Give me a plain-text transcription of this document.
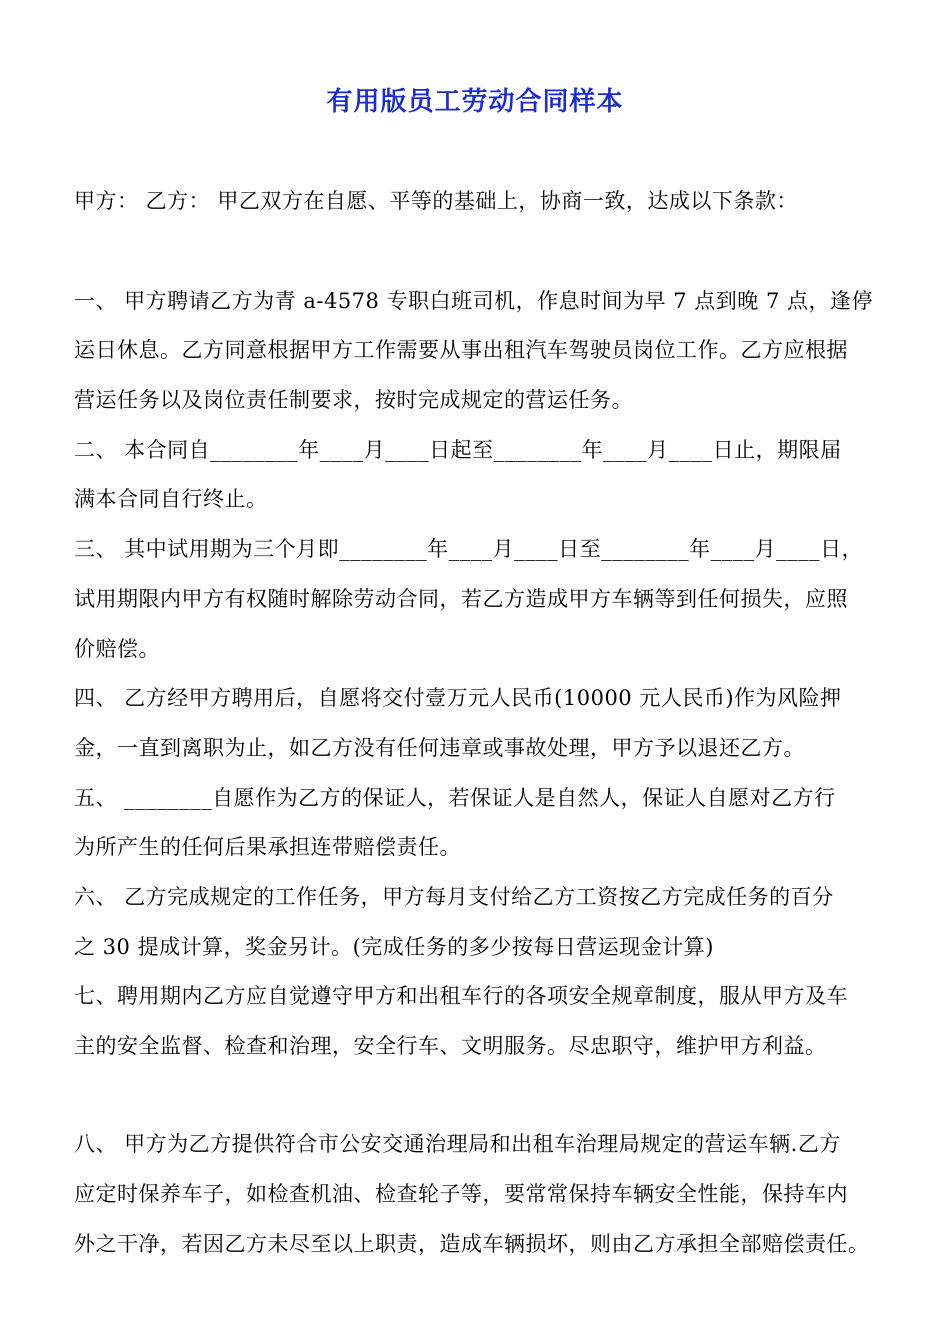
有用版员工劳动合同样本
甲方： 乙方： 甲乙双方在自愿、平等的基础上，协商一致，达成以下条款：
一、 甲方聘请乙方为青 a-4578 专职白班司机，作息时间为早 7 点到晚 7 点，逢停
运日休息。乙方同意根据甲方工作需要从事出租汽车驾驶员岗位工作。乙方应根据
营运任务以及岗位责任制要求，按时完成规定的营运任务。
二、 本合同自________年____月____日起至________年____月____日止，期限届
满本合同自行终止。
三、 其中试用期为三个月即________年____月____日至________年____月____日，
试用期限内甲方有权随时解除劳动合同，若乙方造成甲方车辆等到任何损失，应照
价赔偿。
四、 乙方经甲方聘用后，自愿将交付壹万元人民币(10000 元人民币)作为风险押
金，一直到离职为止，如乙方没有任何违章或事故处理，甲方予以退还乙方。
五、 ________自愿作为乙方的保证人，若保证人是自然人，保证人自愿对乙方行
为所产生的任何后果承担连带赔偿责任。
六、 乙方完成规定的工作任务，甲方每月支付给乙方工资按乙方完成任务的百分
之 30 提成计算，奖金另计。(完成任务的多少按每日营运现金计算)
七、聘用期内乙方应自觉遵守甲方和出租车行的各项安全规章制度，服从甲方及车
主的安全监督、检查和治理，安全行车、文明服务。尽忠职守，维护甲方利益。
八、 甲方为乙方提供符合市公安交通治理局和出租车治理局规定的营运车辆.乙方
应定时保养车子，如检查机油、检查轮子等，要常常保持车辆安全性能，保持车内
外之干净，若因乙方未尽至以上职责，造成车辆损坏，则由乙方承担全部赔偿责任。
